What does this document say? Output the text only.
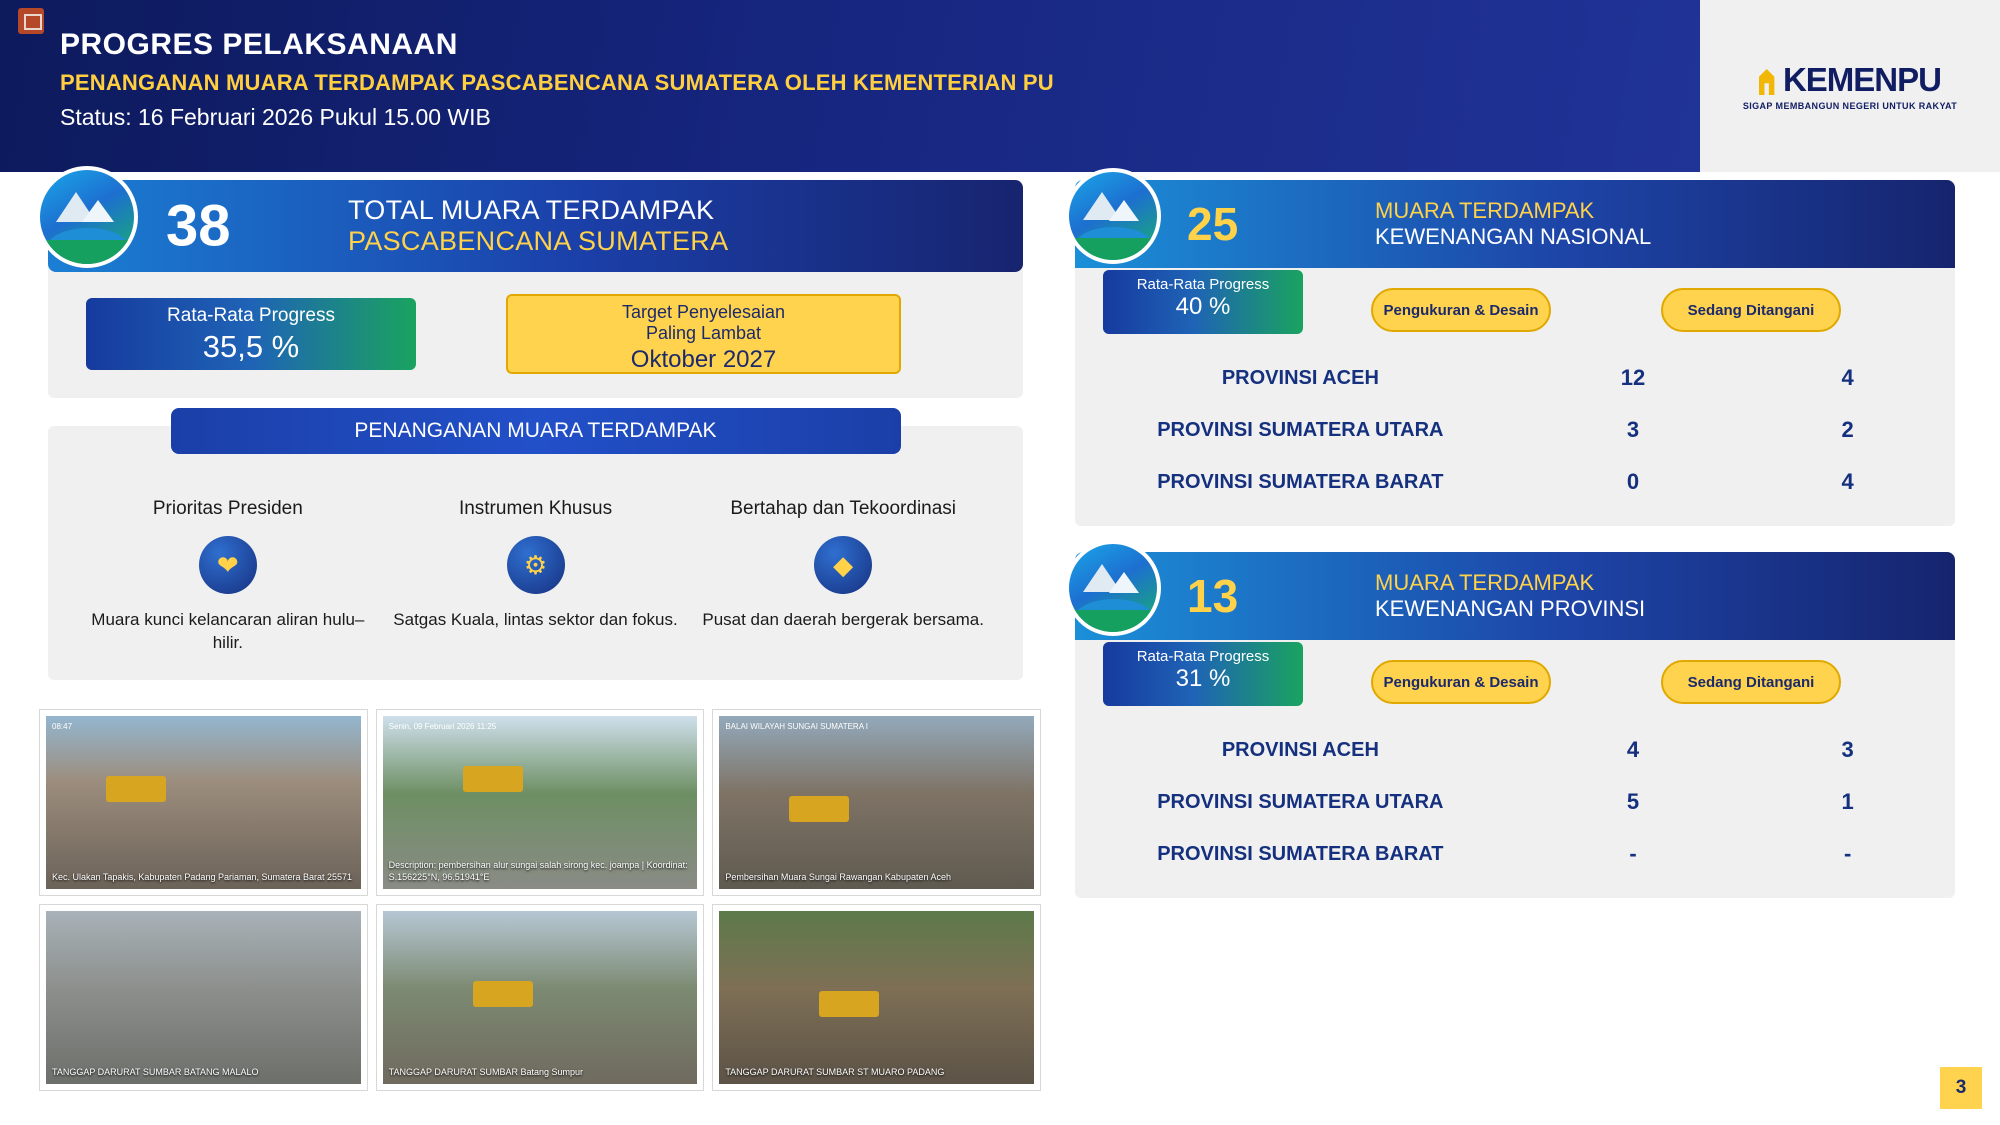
PROGRES PELAKSANAAN
PENANGANAN MUARA TERDAMPAK PASCABENCANA SUMATERA OLEH KEMENTERIAN PU
Status: 16 Februari 2026 Pukul 15.00 WIB
KEMENPU
SIGAP MEMBANGUN NEGERI UNTUK RAKYAT
38	TOTAL MUARA TERDAMPAK
PASCABENCANA SUMATERA
Rata-Rata Progress
35,5 %
Target Penyelesaian
Paling Lambat
Oktober 2027
PENANGANAN MUARA TERDAMPAK
Prioritas Presiden
❤
Muara kunci kelancaran aliran hulu–hilir.
Instrumen Khusus
⚙
Satgas Kuala, lintas sektor dan fokus.
Bertahap dan Tekoordinasi
◆
Pusat dan daerah bergerak bersama.
08:47
Kec. Ulakan Tapakis, Kabupaten Padang Pariaman, Sumatera Barat 25571
Senin, 09 Februari 2026 11:25
Description: pembersihan alur sungai salah sirong kec. joampa | Koordinat: S.156225°N, 96.51941°E
BALAI WILAYAH SUNGAI SUMATERA I
Pembersihan Muara Sungai Rawangan Kabupaten Aceh
TANGGAP DARURAT SUMBAR BATANG MALALO	TANGGAP DARURAT SUMBAR Batang Sumpur	TANGGAP DARURAT SUMBAR ST MUARO PADANG
25	MUARA TERDAMPAK
KEWENANGAN NASIONAL
Rata-Rata Progress
40 %	Pengukuran & Desain	Sedang Ditangani
PROVINSI ACEH	12	4
PROVINSI SUMATERA UTARA	3	2
PROVINSI SUMATERA BARAT	0	4
13	MUARA TERDAMPAK
KEWENANGAN PROVINSI
Rata-Rata Progress
31 %	Pengukuran & Desain	Sedang Ditangani
PROVINSI ACEH	4	3
PROVINSI SUMATERA UTARA	5	1
PROVINSI SUMATERA BARAT	-	-
3
